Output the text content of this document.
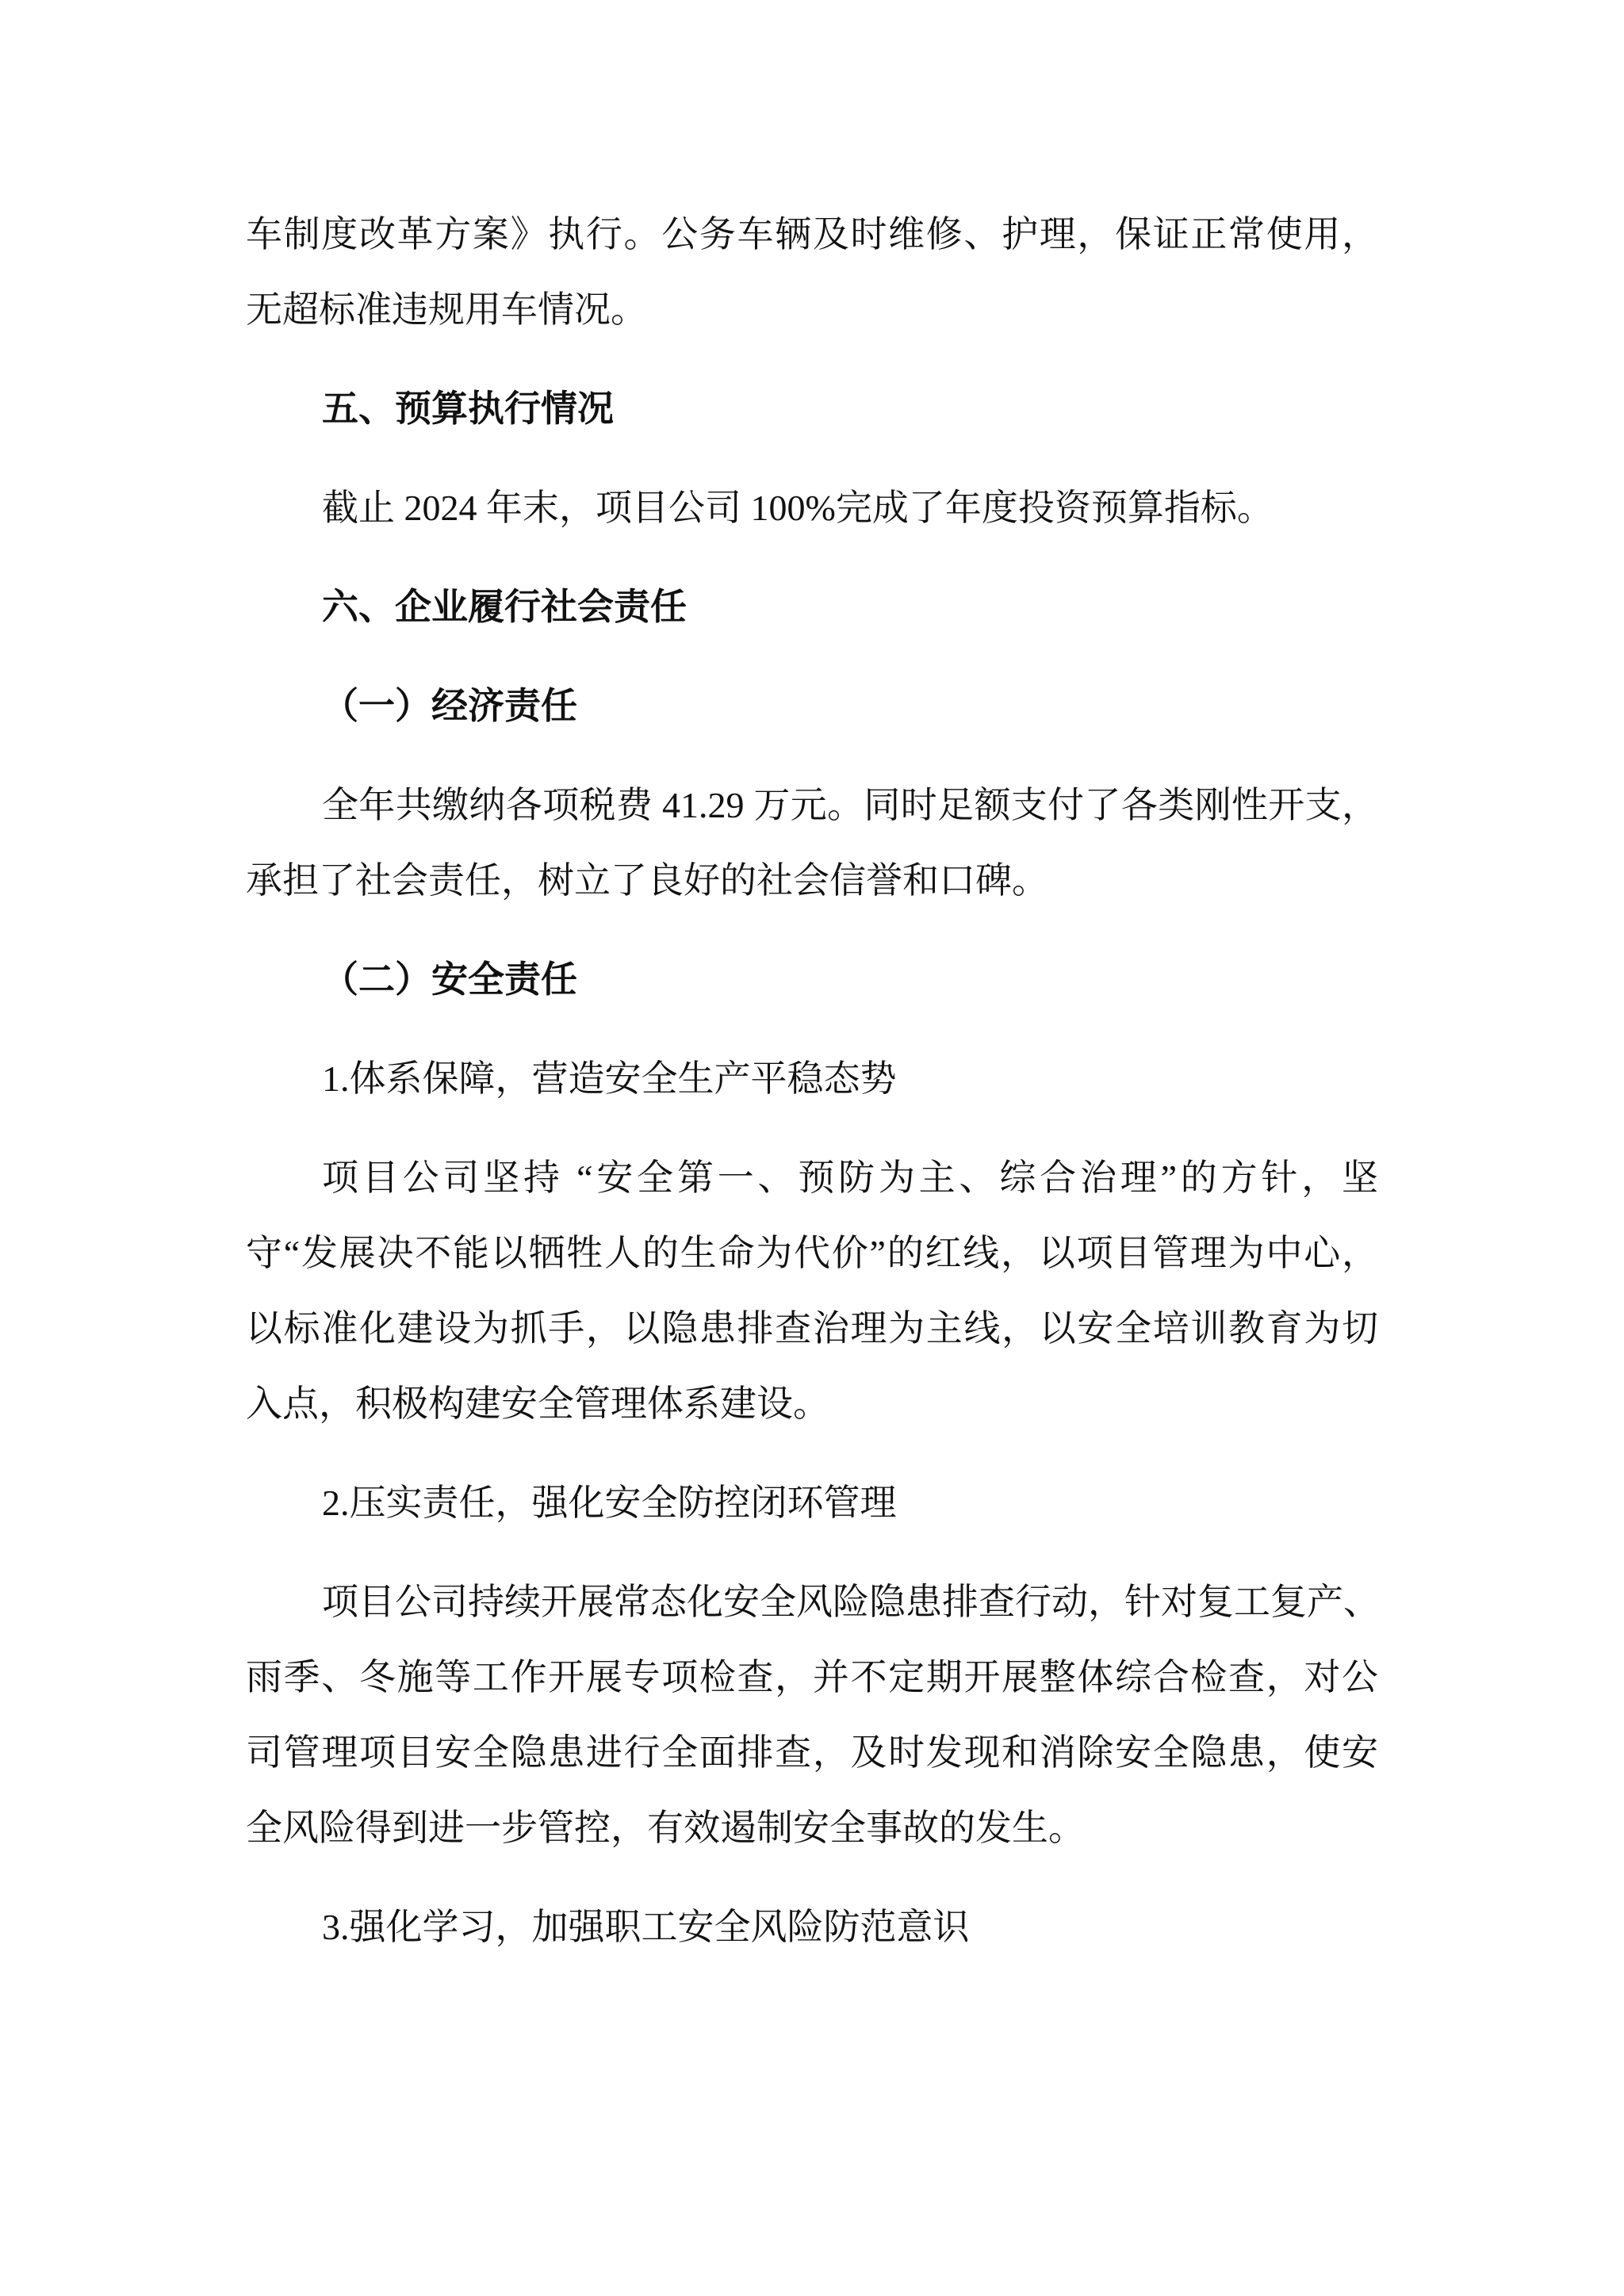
车制度改革方案》执行。公务车辆及时维修、护理，保证正常使用，
无超标准违规用车情况。
五、预算执行情况
截止 2024 年末，项目公司 100%完成了年度投资预算指标。
六、企业履行社会责任
（一）经济责任
全年共缴纳各项税费 41.29 万元。同时足额支付了各类刚性开支，
承担了社会责任，树立了良好的社会信誉和口碑。
（二）安全责任
1.体系保障，营造安全生产平稳态势
项目公司坚持 “安全第一、预防为主、综合治理”的方针，坚
守“发展决不能以牺牲人的生命为代价”的红线，以项目管理为中心，
以标准化建设为抓手，以隐患排查治理为主线，以安全培训教育为切
入点，积极构建安全管理体系建设。
2.压实责任，强化安全防控闭环管理
项目公司持续开展常态化安全风险隐患排查行动，针对复工复产、
雨季、冬施等工作开展专项检查，并不定期开展整体综合检查，对公
司管理项目安全隐患进行全面排查，及时发现和消除安全隐患，使安
全风险得到进一步管控，有效遏制安全事故的发生。
3.强化学习，加强职工安全风险防范意识
